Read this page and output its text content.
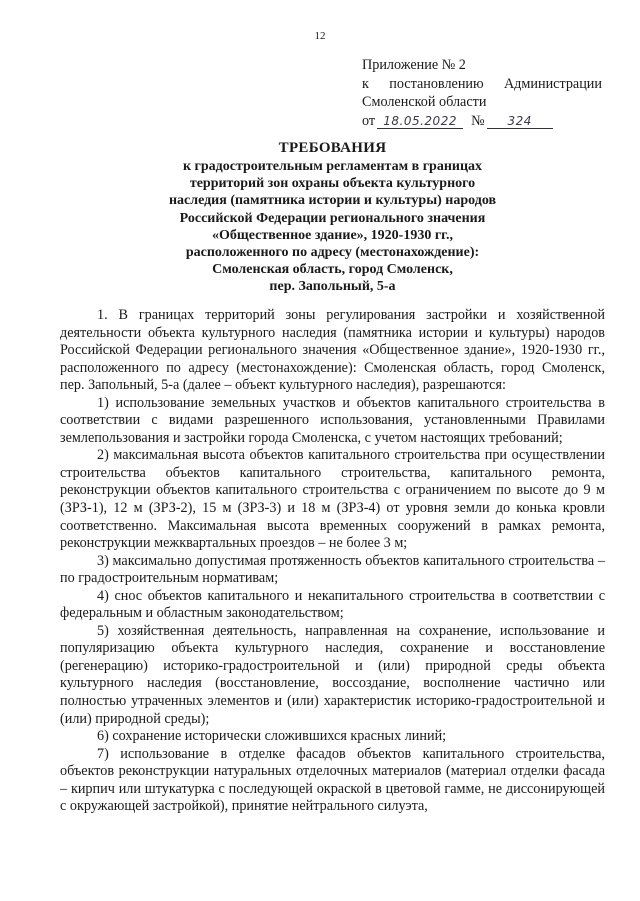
12
Приложение № 2
к постановлению Администрации
Смоленской области
от 18.05.2022 №	324
ТРЕБОВАНИЯ
к градостроительным регламентам в границах
территорий зон охраны объекта культурного
наследия (памятника истории и культуры) народов
Российской Федерации регионального значения
«Общественное здание», 1920-1930 гг.,
расположенного по адресу (местонахождение):
Смоленская область, город Смоленск,
пер. Запольный, 5-а

1. В границах территорий зоны регулирования застройки и хозяйственной деятельности объекта культурного наследия (памятника истории и культуры) народов Российской Федерации регионального значения «Общественное здание», 1920-1930 гг., расположенного по адресу (местонахождение): Смоленская область, город Смоленск, пер. Запольный, 5-а (далее – объект культурного наследия), разрешаются:

1) использование земельных участков и объектов капитального строительства в соответствии с видами разрешенного использования, установленными Правилами землепользования и застройки города Смоленска, с учетом настоящих требований;

2) максимальная высота объектов капитального строительства при осуществлении строительства объектов капитального строительства, капитального ремонта, реконструкции объектов капитального строительства с ограничением по высоте до 9 м (ЗРЗ-1), 12 м (ЗРЗ-2), 15 м (ЗРЗ-3) и 18 м (ЗРЗ-4) от уровня земли до конька кровли соответственно. Максимальная высота временных сооружений в рамках ремонта, реконструкции межквартальных проездов – не более 3 м;

3) максимально допустимая протяженность объектов капитального строительства – по градостроительным нормативам;

4) снос объектов капитального и некапитального строительства в соответствии с федеральным и областным законодательством;

5) хозяйственная деятельность, направленная на сохранение, использование и популяризацию объекта культурного наследия, сохранение и восстановление (регенерацию) историко-градостроительной и (или) природной среды объекта культурного наследия (восстановление, воссоздание, восполнение частично или полностью утраченных элементов и (или) характеристик историко-градостроительной и (или) природной среды);

6) сохранение исторически сложившихся красных линий;

7) использование в отделке фасадов объектов капитального строительства, объектов реконструкции натуральных отделочных материалов (материал отделки фасада – кирпич или штукатурка с последующей окраской в цветовой гамме, не диссонирующей с окружающей застройкой), принятие нейтрального силуэта,
